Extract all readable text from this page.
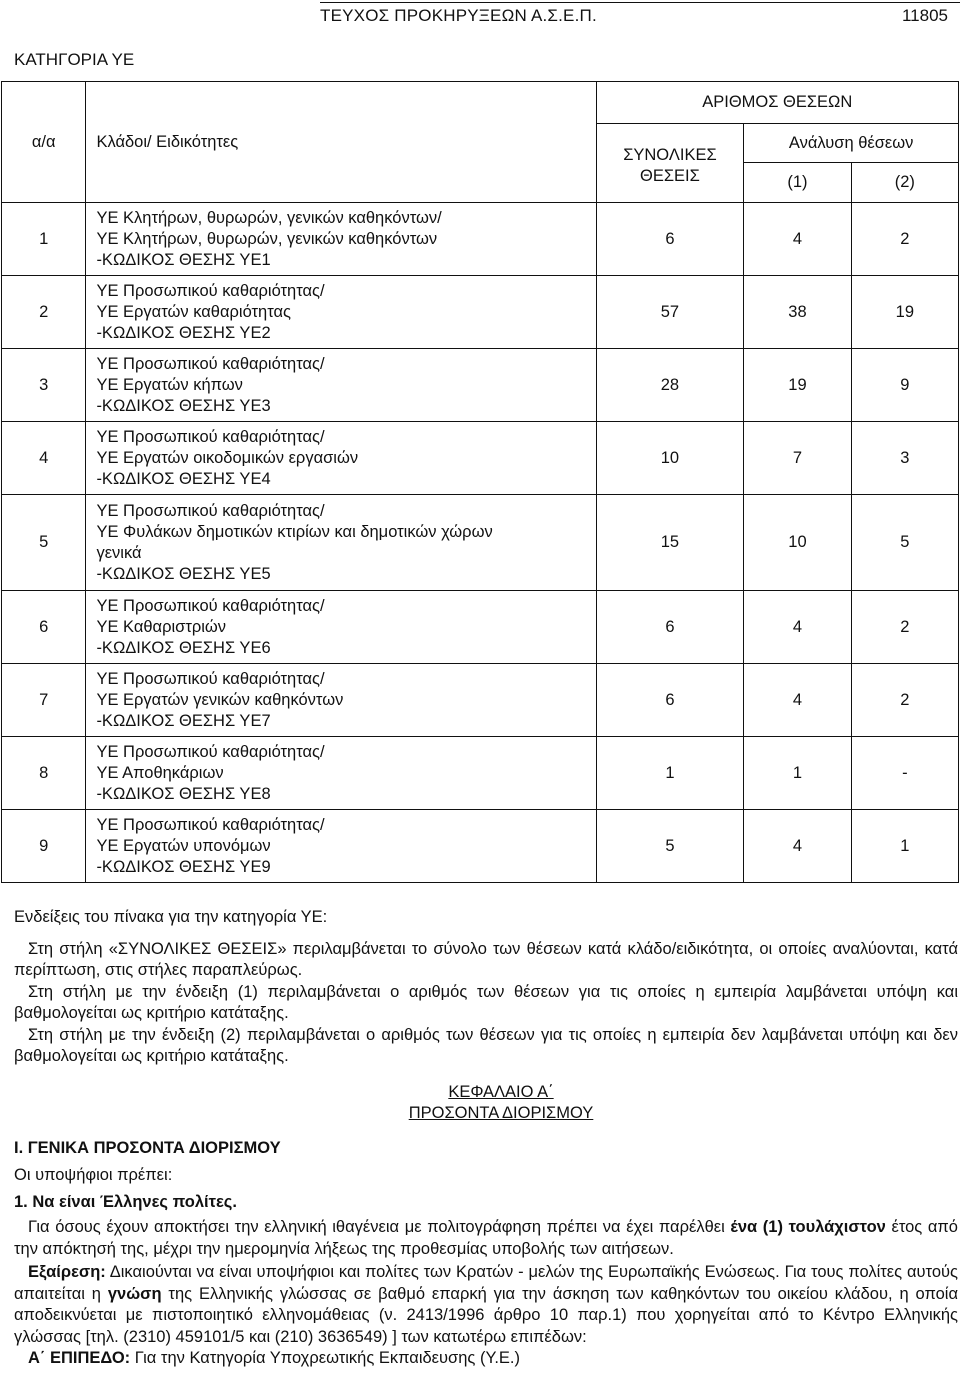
ΤΕΥΧΟΣ ΠΡΟΚΗΡΥΞΕΩΝ Α.Σ.Ε.Π.	11805
ΚΑΤΗΓΟΡΙΑ ΥΕ
α/α	Κλάδοι/ Ειδικότητες	ΑΡΙΘΜΟΣ ΘΕΣΕΩΝ		

		ΣΥΝΟΛΙΚΕΣ
ΘΕΣΕΙΣ	Ανάλυση θέσεων	
			(1)	(2)
1	ΥΕ Κλητήρων, θυρωρών, γενικών καθηκόντων/
ΥΕ Κλητήρων, θυρωρών, γενικών καθηκόντων
-ΚΩΔΙΚΟΣ ΘΕΣΗΣ ΥΕ1	6	4	2
2	ΥΕ Προσωπικού καθαριότητας/
ΥΕ Εργατών καθαριότητας
-ΚΩΔΙΚΟΣ ΘΕΣΗΣ ΥΕ2	57	38	19
3	ΥΕ Προσωπικού καθαριότητας/
ΥΕ Εργατών κήπων
-ΚΩΔΙΚΟΣ ΘΕΣΗΣ ΥΕ3	28	19	9
4	ΥΕ Προσωπικού καθαριότητας/
ΥΕ Εργατών οικοδομικών εργασιών
-ΚΩΔΙΚΟΣ ΘΕΣΗΣ ΥΕ4	10	7	3
5	ΥΕ Προσωπικού καθαριότητας/
ΥΕ Φυλάκων δημοτικών κτιρίων και δημοτικών χώρων
γενικά
-ΚΩΔΙΚΟΣ ΘΕΣΗΣ ΥΕ5	15	10	5
6	ΥΕ Προσωπικού καθαριότητας/
ΥΕ Καθαριστριών
-ΚΩΔΙΚΟΣ ΘΕΣΗΣ ΥΕ6	6	4	2
7	ΥΕ Προσωπικού καθαριότητας/
ΥΕ Εργατών γενικών καθηκόντων
-ΚΩΔΙΚΟΣ ΘΕΣΗΣ ΥΕ7	6	4	2
8	ΥΕ Προσωπικού καθαριότητας/
ΥΕ Αποθηκάριων
-ΚΩΔΙΚΟΣ ΘΕΣΗΣ ΥΕ8	1	1	-
9	ΥΕ Προσωπικού καθαριότητας/
ΥΕ Εργατών υπονόμων
-ΚΩΔΙΚΟΣ ΘΕΣΗΣ ΥΕ9	5	4	1

Ενδείξεις του πίνακα για την κατηγορία ΥΕ:

Στη στήλη «ΣΥΝΟΛΙΚΕΣ ΘΕΣΕΙΣ» περιλαμβάνεται το σύνολο των θέσεων κατά κλάδο/ειδικότητα, οι οποίες αναλύονται, κατά περίπτωση, στις στήλες παραπλεύρως.

Στη στήλη με την ένδειξη (1) περιλαμβάνεται ο αριθμός των θέσεων για τις οποίες η εμπειρία λαμβάνεται υπόψη και βαθμολογείται ως κριτήριο κατάταξης.

Στη στήλη με την ένδειξη (2) περιλαμβάνεται ο αριθμός των θέσεων για τις οποίες η εμπειρία δεν λαμβάνεται υπόψη και δεν βαθμολογείται ως κριτήριο κατάταξης.

ΚΕΦΑΛΑΙΟ Α΄

ΠΡΟΣΟΝΤΑ ΔΙΟΡΙΣΜΟΥ

I. ΓΕΝΙΚΑ ΠΡΟΣΟΝΤΑ ΔΙΟΡΙΣΜΟΥ

Οι υποψήφιοι πρέπει:

1. Να είναι Έλληνες πολίτες.

Για όσους έχουν αποκτήσει την ελληνική ιθαγένεια με πολιτογράφηση πρέπει να έχει παρέλθει ένα (1) τουλάχιστον έτος από την απόκτησή της, μέχρι την ημερομηνία λήξεως της προθεσμίας υποβολής των αιτήσεων.

Εξαίρεση: Δικαιούνται να είναι υποψήφιοι και πολίτες των Κρατών - μελών της Ευρωπαϊκής Ενώσεως. Για τους πολίτες αυτούς απαιτείται η γνώση της Ελληνικής γλώσσας σε βαθμό επαρκή για την άσκηση των καθηκόντων του οικείου κλάδου, η οποία αποδεικνύεται με πιστοποιητικό ελληνομάθειας (ν. 2413/1996 άρθρο 10 παρ.1) που χορηγείται από το Κέντρο Ελληνικής γλώσσας [τηλ. (2310) 459101/5 και (210) 3636549) ] των κατωτέρω επιπέδων:

Α΄ ΕΠΙΠΕΔΟ: Για την Κατηγορία Υποχρεωτικής Εκπαιδευσης (Υ.Ε.)
